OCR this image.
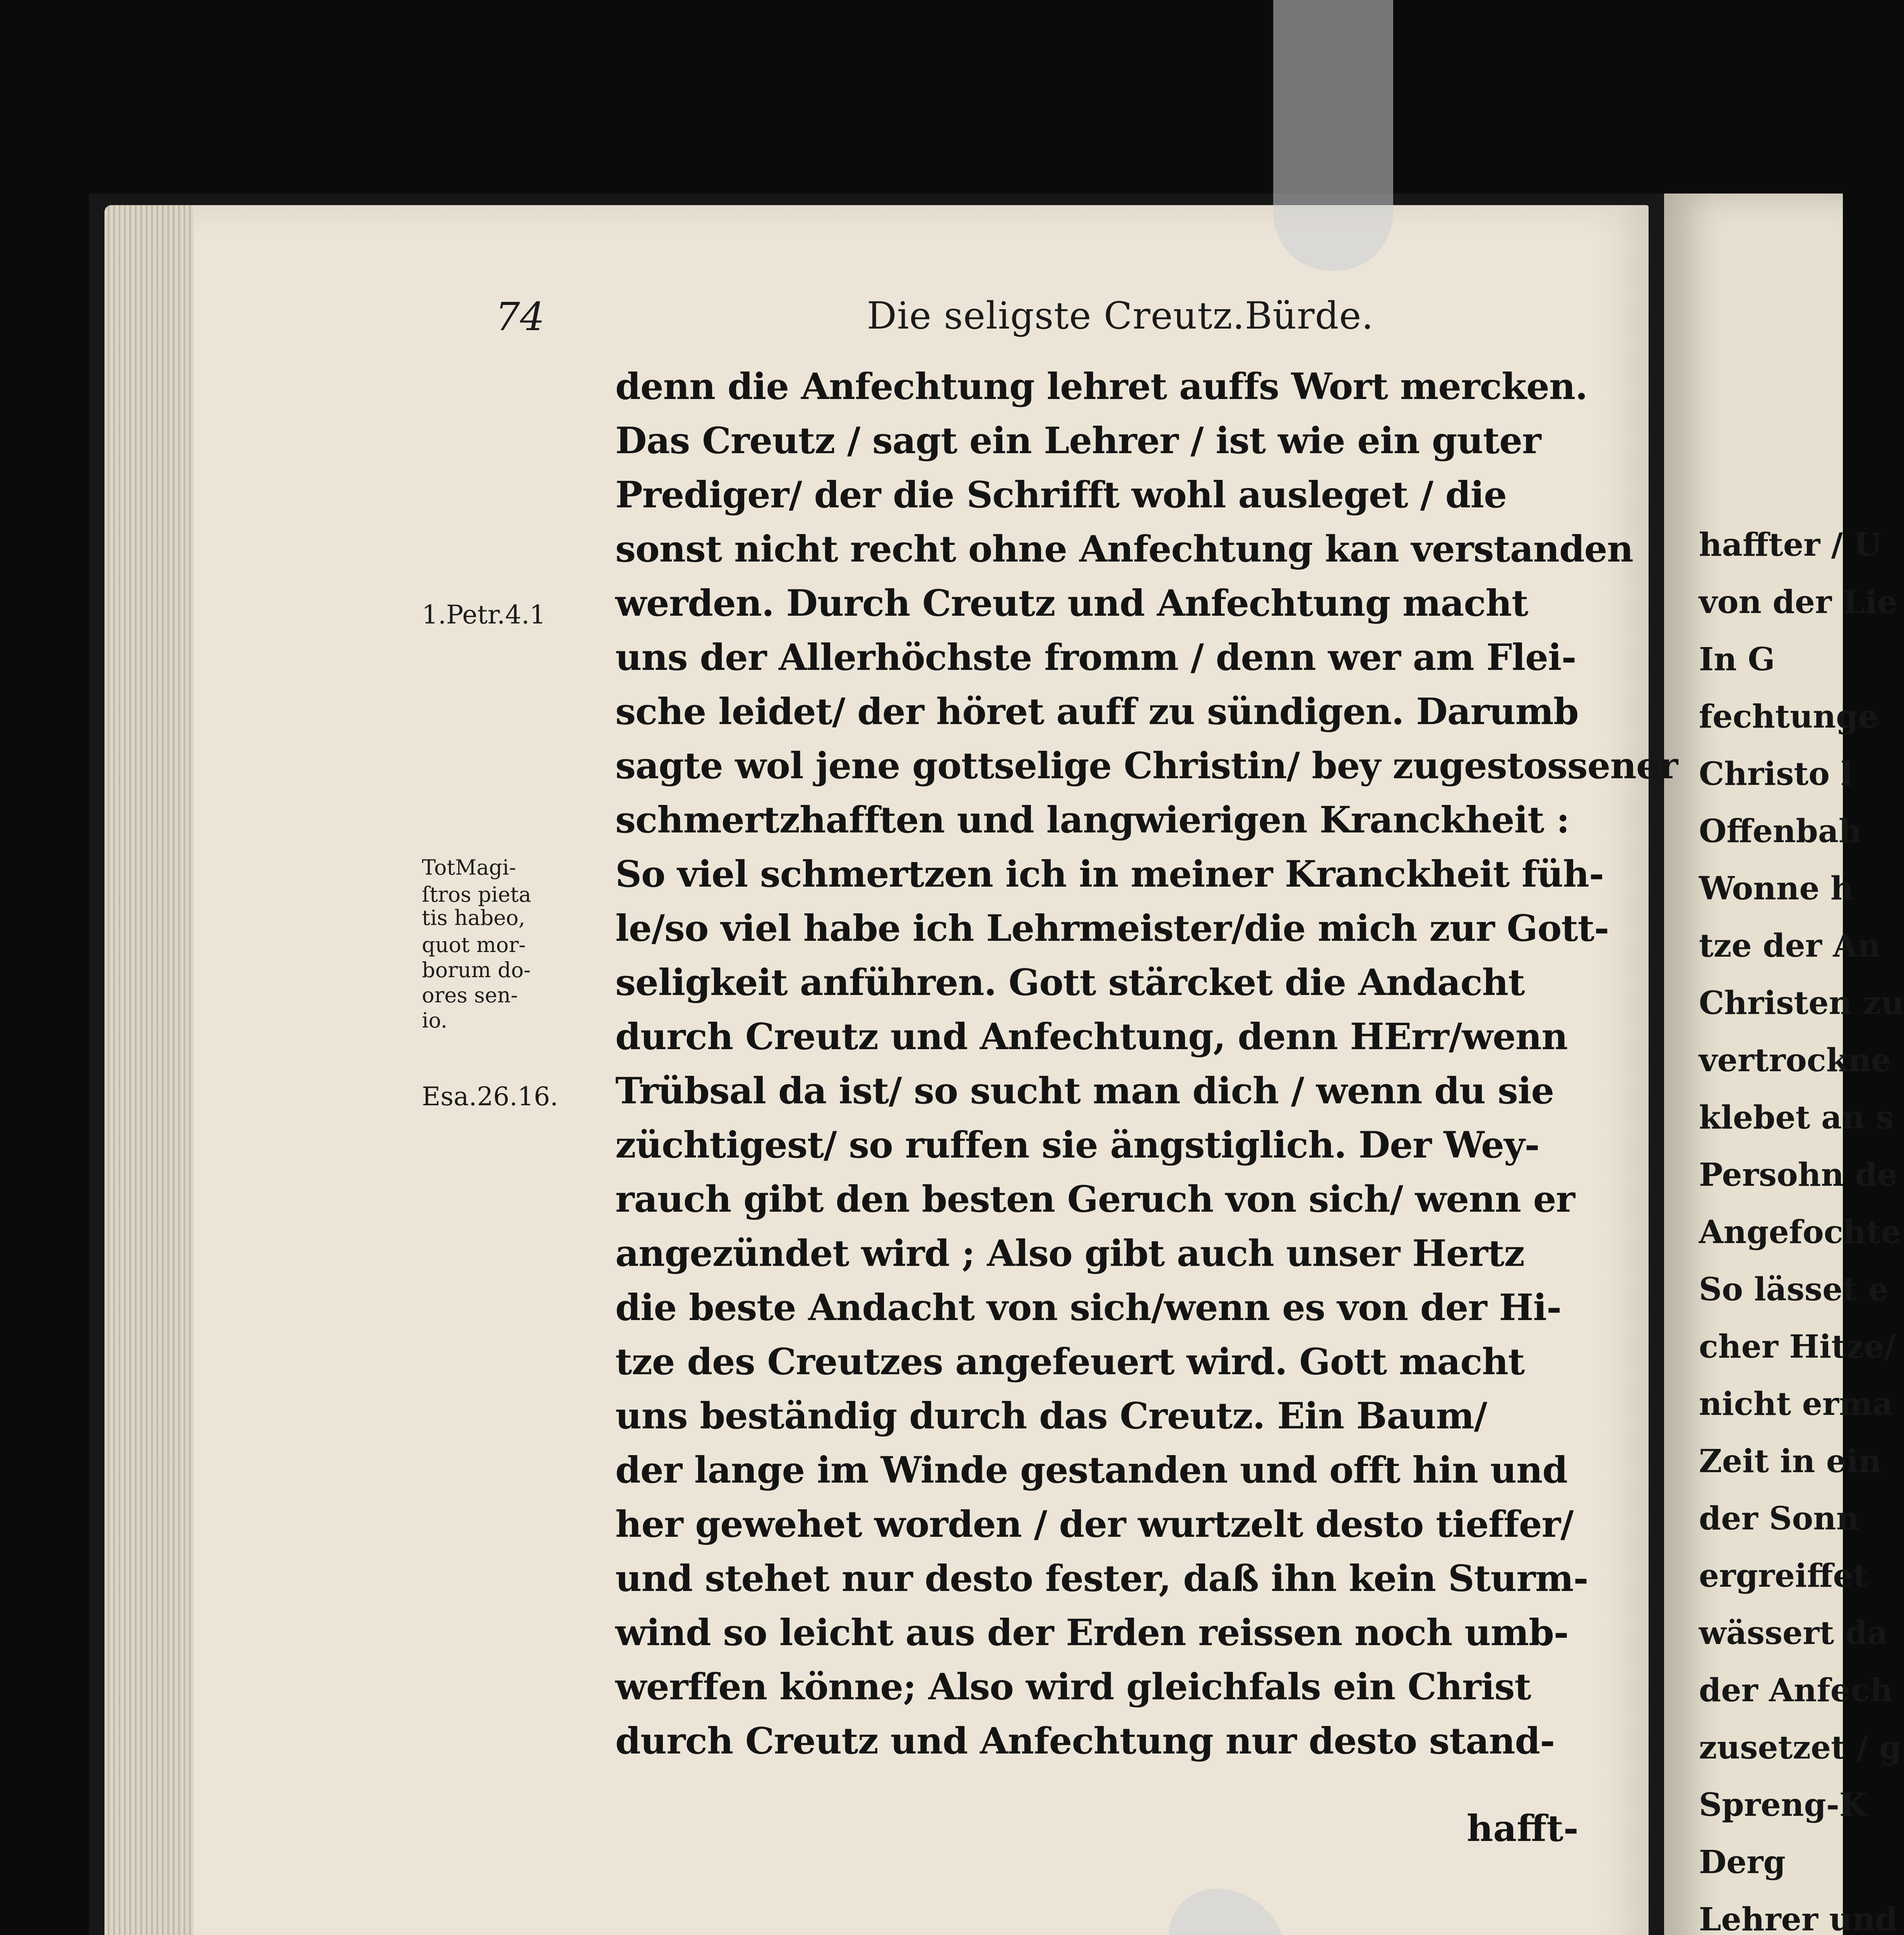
haffter / U
von der Lie
In G
fechtunge
Christo l
Offenbah
Wonne h
tze der An
Christen zu
vertrockne
klebet an s
Persohn de
Angefochte
So lässet e
cher Hitze/
nicht erma
Zeit in ein
der Sonn
ergreiffet
wässert da
der Anfech
zusetzet / g
Spreng-K
Derg
Lehrer und
74	Die seligste Creutz.Bürde.
1.Petr.4.1
TotMagi-
ſtros pieta
tis habeo,
quot mor-
borum do-
ores sen-
io.
Esa.26.16.
denn die Anfechtung lehret auffs Wort mercken.
Das Creutz / sagt ein Lehrer / ist wie ein guter
Prediger/ der die Schrifft wohl ausleget / die
sonst nicht recht ohne Anfechtung kan verstanden
werden. Durch Creutz und Anfechtung macht
uns der Allerhöchste fromm / denn wer am Flei-
sche leidet/ der höret auff zu sündigen. Darumb
sagte wol jene gottselige Christin/ bey zugestossener
schmertzhafften und langwierigen Kranckheit :
So viel schmertzen ich in meiner Kranckheit füh-
le/so viel habe ich Lehrmeister/die mich zur Gott-
seligkeit anführen. Gott stärcket die Andacht
durch Creutz und Anfechtung, denn HErr/wenn
Trübsal da ist/ so sucht man dich / wenn du sie
züchtigest/ so ruffen sie ängstiglich. Der Wey-
rauch gibt den besten Geruch von sich/ wenn er
angezündet wird ; Also gibt auch unser Hertz
die beste Andacht von sich/wenn es von der Hi-
tze des Creutzes angefeuert wird. Gott macht
uns beständig durch das Creutz. Ein Baum/
der lange im Winde gestanden und offt hin und
her gewehet worden / der wurtzelt desto tieffer/
und stehet nur desto fester, daß ihn kein Sturm-
wind so leicht aus der Erden reissen noch umb-
werffen könne; Also wird gleichfals ein Christ
durch Creutz und Anfechtung nur desto stand-
hafft-
